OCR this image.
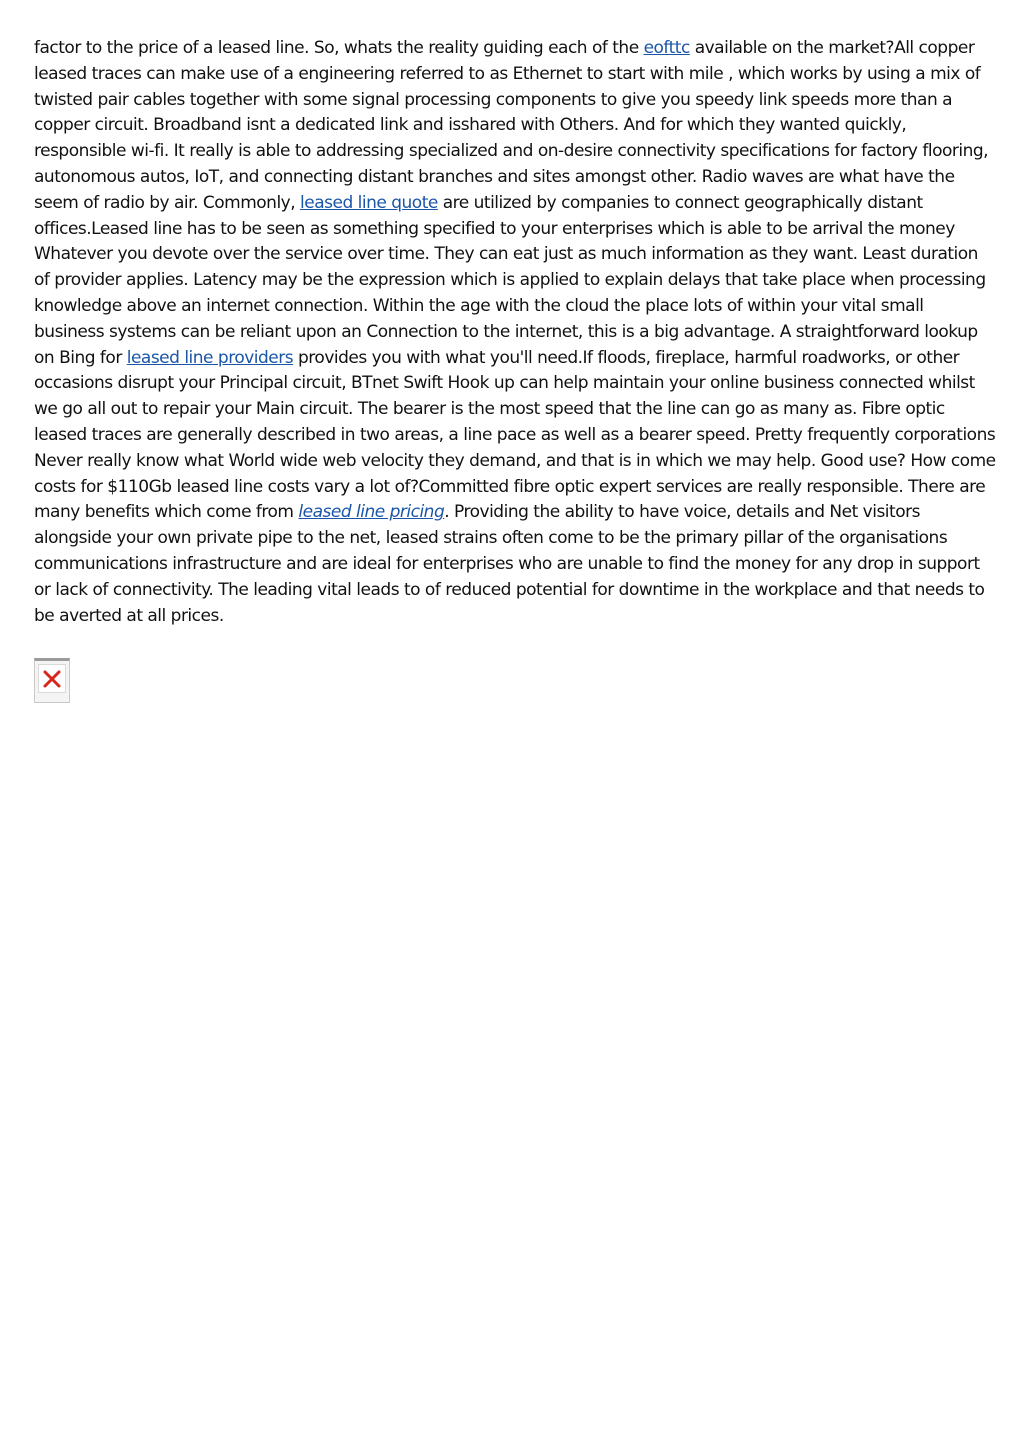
factor to the price of a leased line. So, whats the reality guiding each of the eofttc available on the market?All copper leased traces can make use of a engineering referred to as Ethernet to start with mile , which works by using a mix of twisted pair cables together with some signal processing components to give you speedy link speeds more than a copper circuit. Broadband isnt a dedicated link and isshared with Others. And for which they wanted quickly, responsible wi-fi. It really is able to addressing specialized and on-desire connectivity specifications for factory flooring, autonomous autos, IoT, and connecting distant branches and sites amongst other. Radio waves are what have the seem of radio by air. Commonly, leased line quote are utilized by companies to connect geographically distant offices.Leased line has to be seen as something specified to your enterprises which is able to be arrival the money Whatever you devote over the service over time. They can eat just as much information as they want. Least duration of provider applies. Latency may be the expression which is applied to explain delays that take place when processing knowledge above an internet connection. Within the age with the cloud the place lots of within your vital small business systems can be reliant upon an Connection to the internet, this is a big advantage. A straightforward lookup on Bing for leased line providers provides you with what you'll need.If floods, fireplace, harmful roadworks, or other occasions disrupt your Principal circuit, BTnet Swift Hook up can help maintain your online business connected whilst we go all out to repair your Main circuit. The bearer is the most speed that the line can go as many as. Fibre optic leased traces are generally described in two areas, a line pace as well as a bearer speed. Pretty frequently corporations Never really know what World wide web velocity they demand, and that is in which we may help. Good use? How come costs for $110Gb leased line costs vary a lot of?Committed fibre optic expert services are really responsible. There are many benefits which come from leased line pricing. Providing the ability to have voice, details and Net visitors alongside your own private pipe to the net, leased strains often come to be the primary pillar of the organisations communications infrastructure and are ideal for enterprises who are unable to find the money for any drop in support or lack of connectivity. The leading vital leads to of reduced potential for downtime in the workplace and that needs to be averted at all prices.
